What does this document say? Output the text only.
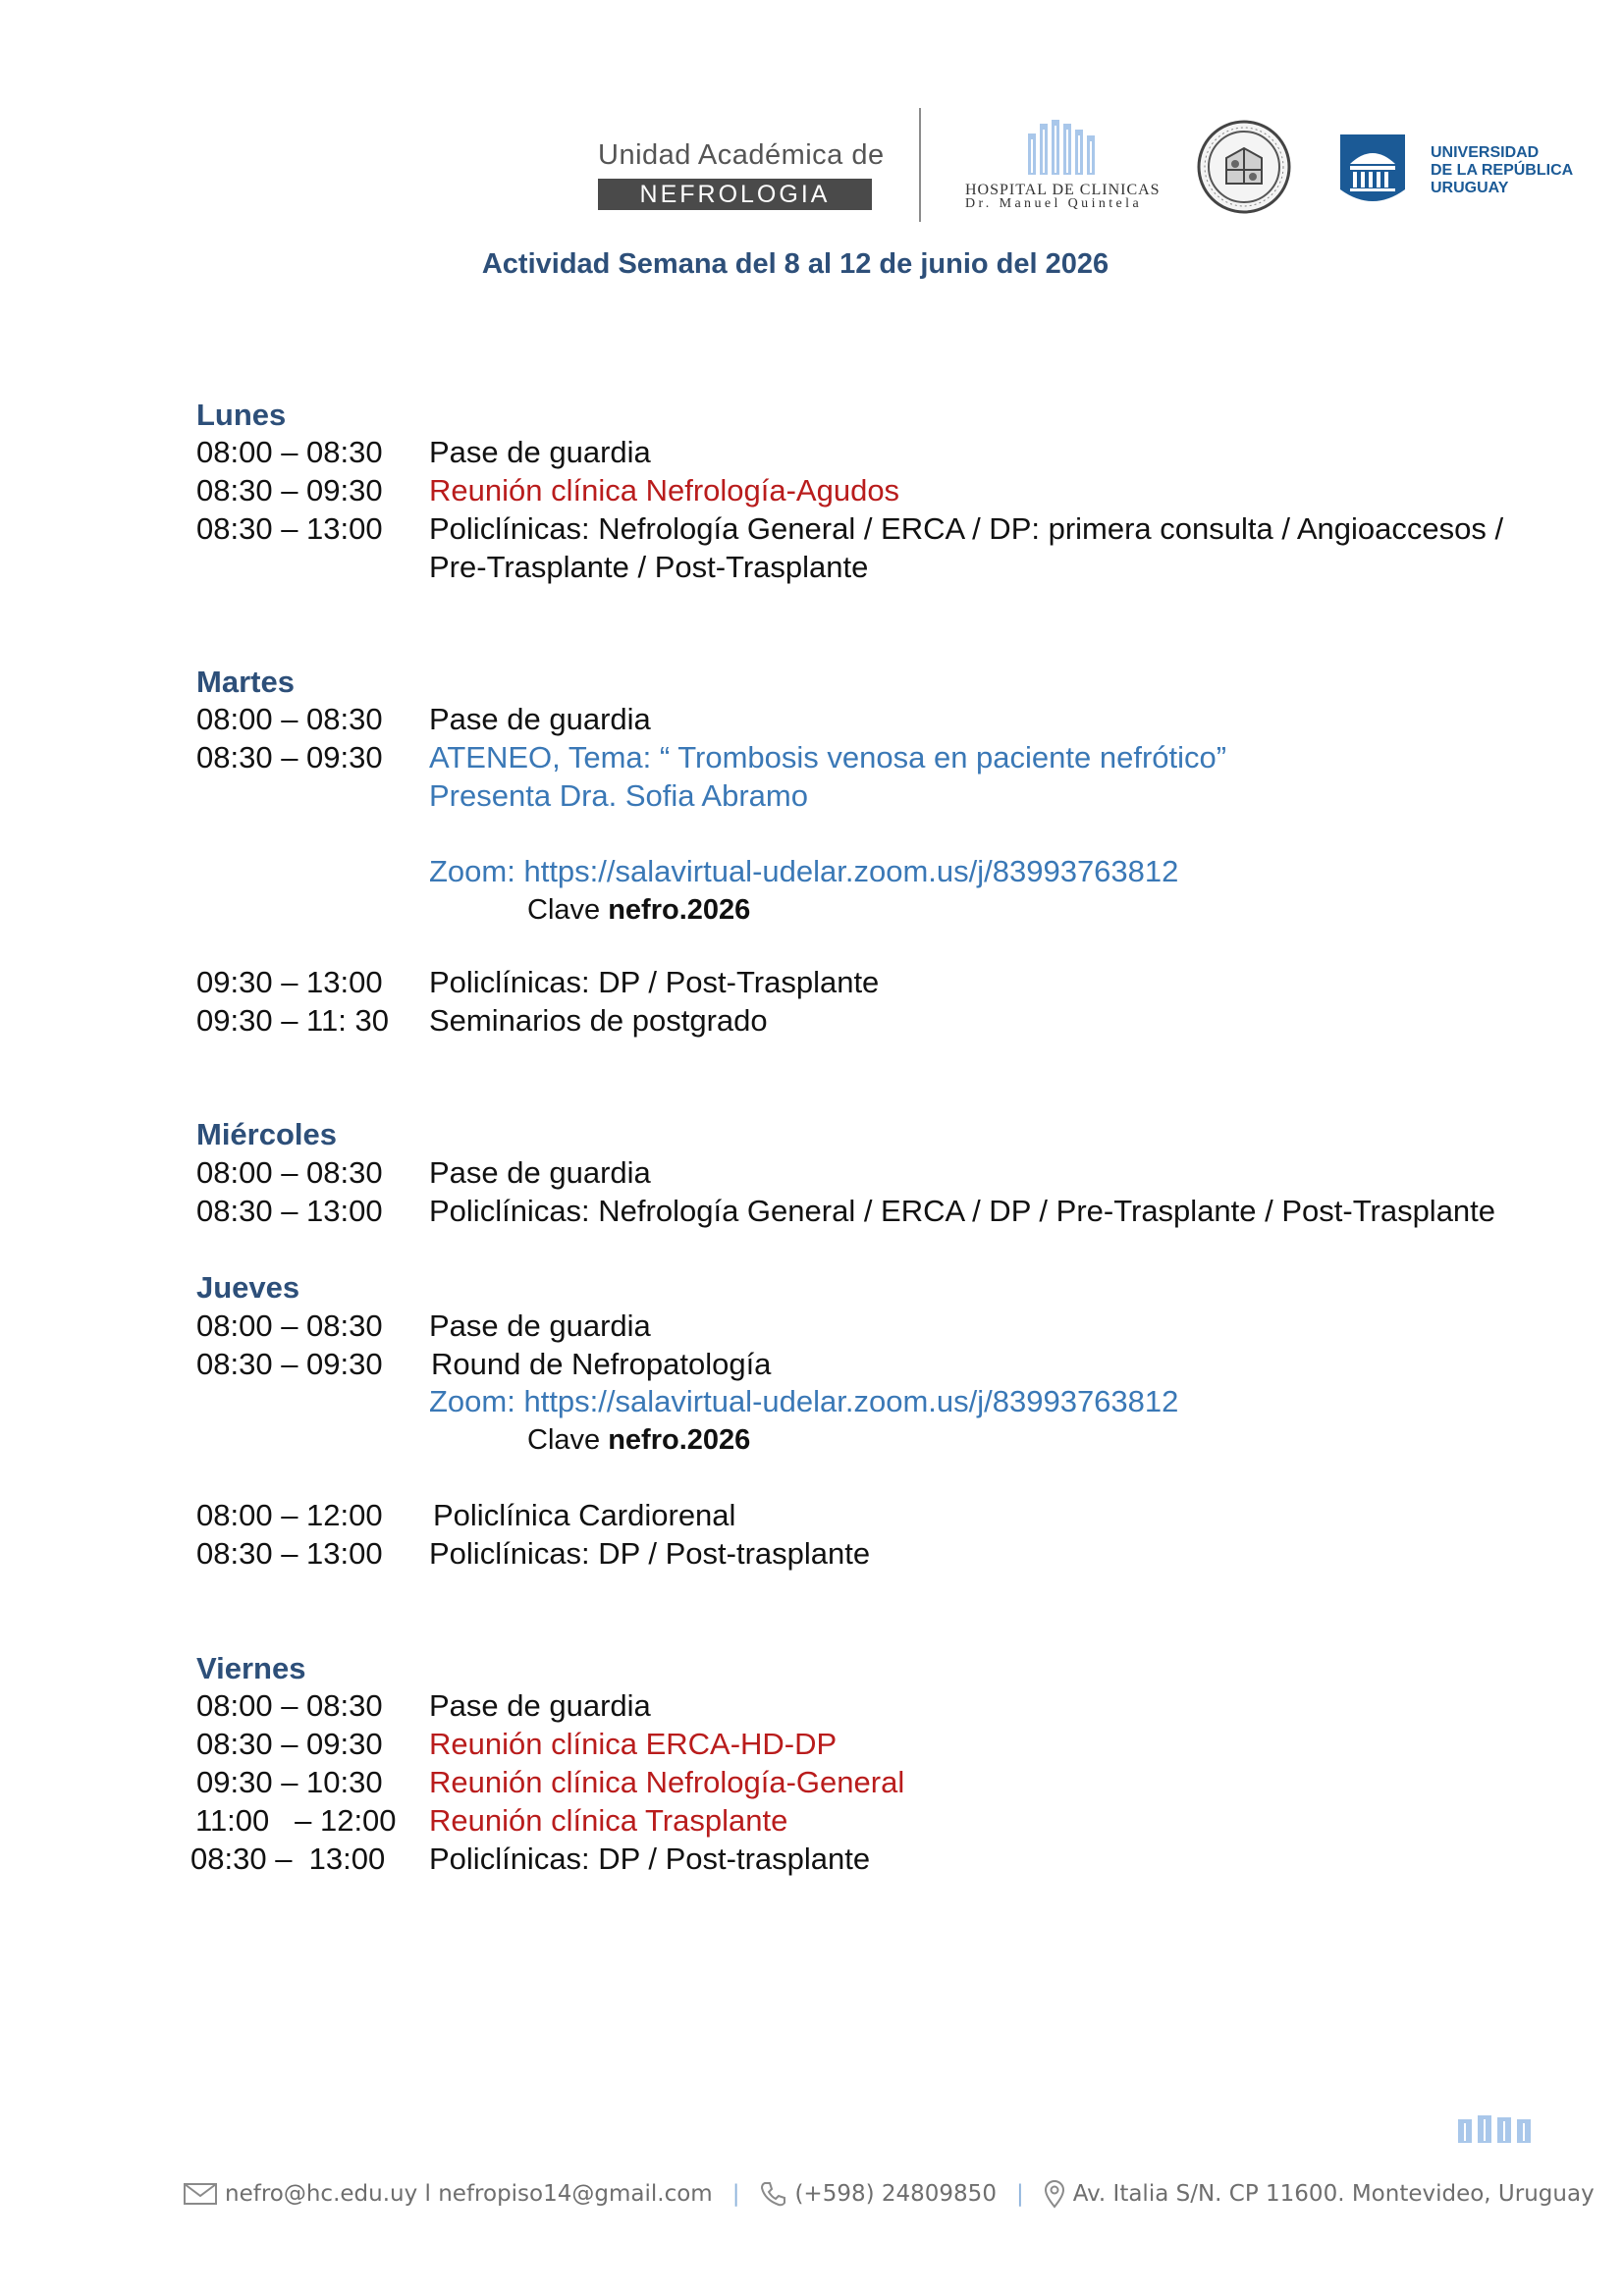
Unidad Académica de
NEFROLOGIA	HOSPITAL DE CLINICAS
Dr. Manuel Quintela
UNIVERSIDAD
DE LA REPÚBLICA
URUGUAY
Actividad Semana del 8 al 12 de junio del 2026
Lunes
08:00 – 08:30 Pase de guardia
08:30 – 09:30 Reunión clínica Nefrología-Agudos
08:30 – 13:00 Policlínicas: Nefrología General / ERCA / DP: primera consulta / Angioaccesos /
Pre-Trasplante / Post-Trasplante
Martes
08:00 – 08:30 Pase de guardia
08:30 – 09:30 ATENEO, Tema: “ Trombosis venosa en paciente nefrótico”
Presenta Dra. Sofia Abramo
Zoom: https://salavirtual-udelar.zoom.us/j/83993763812
Clave nefro.2026
09:30 – 13:00 Policlínicas: DP / Post-Trasplante
09:30 – 11: 30 Seminarios de postgrado
Miércoles
08:00 – 08:30 Pase de guardia
08:30 – 13:00 Policlínicas: Nefrología General / ERCA / DP / Pre-Trasplante / Post-Trasplante
Jueves
08:00 – 08:30 Pase de guardia
08:30 – 09:30 Round de Nefropatología
Zoom: https://salavirtual-udelar.zoom.us/j/83993763812
Clave nefro.2026
08:00 – 12:00 Policlínica Cardiorenal
08:30 – 13:00 Policlínicas: DP / Post-trasplante
Viernes
08:00 – 08:30 Pase de guardia
08:30 – 09:30 Reunión clínica ERCA-HD-DP
09:30 – 10:30 Reunión clínica Nefrología-General
11:00   – 12:00 Reunión clínica Trasplante
08:30 –  13:00 Policlínicas: DP / Post-trasplante
nefro@hc.edu.uy l nefropiso14@gmail.com | (+598) 24809850 | Av. Italia S/N. CP 11600. Montevideo, Uruguay
